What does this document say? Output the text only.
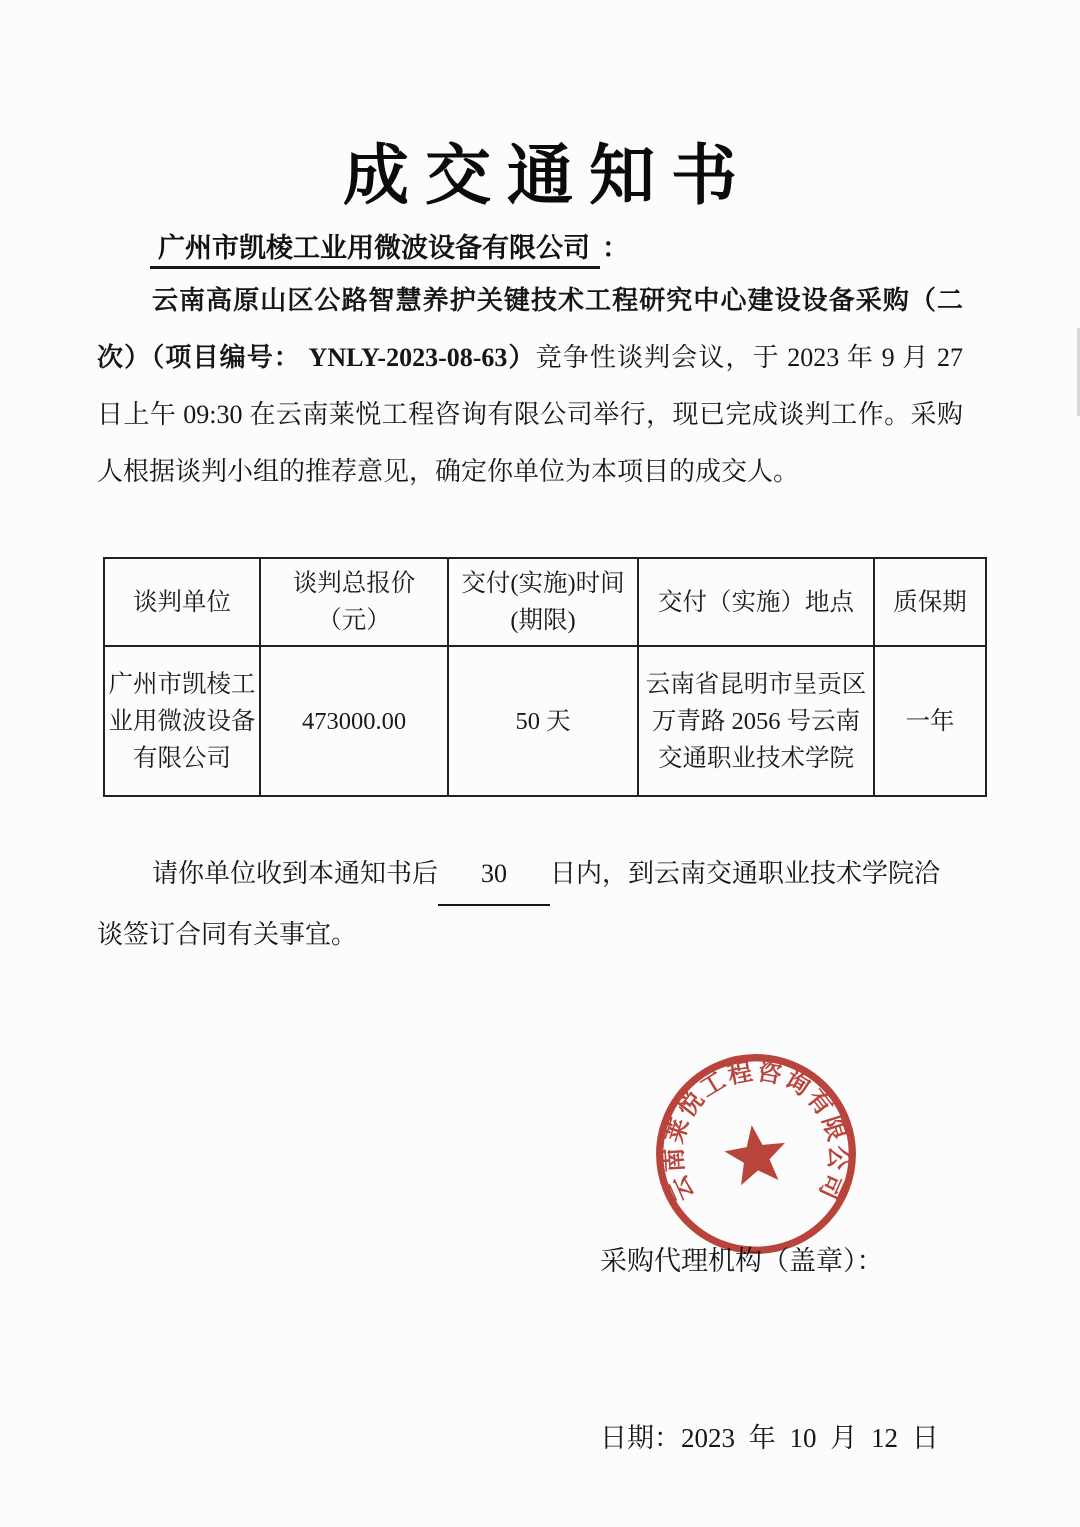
成交通知书
广州市凯棱工业用微波设备有限公司 ：

云南高原山区公路智慧养护关键技术工程研究中心建设设备采购（二次）（项目编号： YNLY-2023-08-63）竞争性谈判会议，于 2023 年 9 月 27 日上午 09:30 在云南莱悦工程咨询有限公司举行，现已完成谈判工作。采购人根据谈判小组的推荐意见，确定你单位为本项目的成交人。

谈判单位	谈判总报价（元）	交付(实施)时间(期限)	交付（实施）地点	质保期
广州市凯棱工业用微波设备有限公司	473000.00	50 天	云南省昆明市呈贡区万青路 2056 号云南交通职业技术学院	一年

请你单位收到本通知书后 30 日内，到云南交通职业技术学院洽谈签订合同有关事宜。

采购代理机构（盖章）：

日期：2023 年 10 月 12 日

云南莱悦工程咨询有限公司
